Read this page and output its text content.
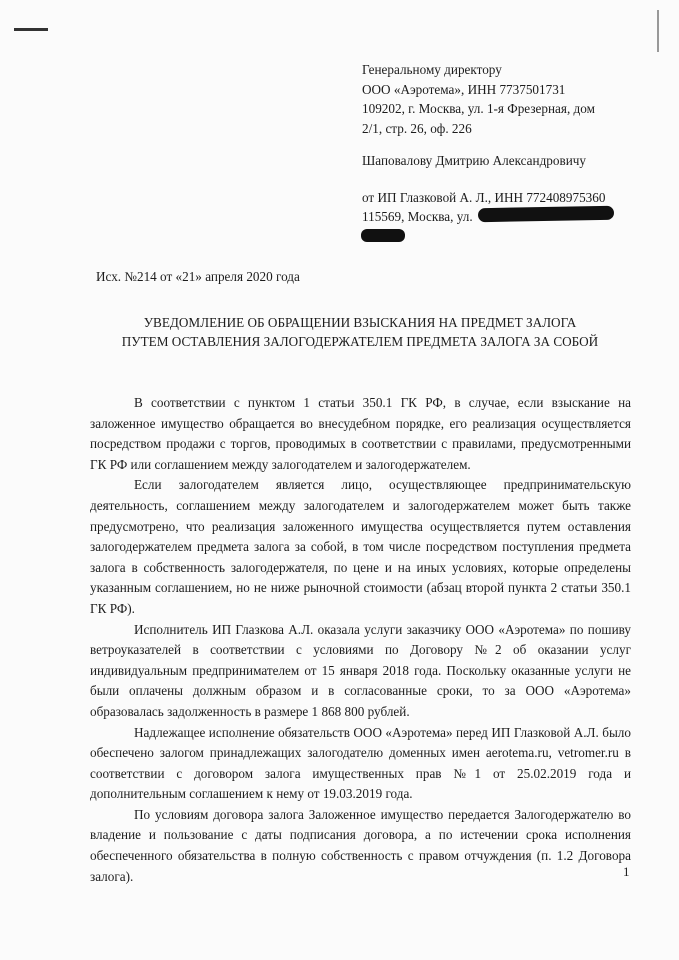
Генеральному директору
ООО «Аэротема», ИНН 7737501731
109202, г. Москва, ул. 1-я Фрезерная, дом
2/1, стр. 26, оф. 226
Шаповалову Дмитрию Александровичу
от ИП Глазковой А. Л., ИНН 772408975360
115569, Москва, ул.
Исх. №214 от «21» апреля 2020 года
УВЕДОМЛЕНИЕ ОБ ОБРАЩЕНИИ ВЗЫСКАНИЯ НА ПРЕДМЕТ ЗАЛОГА
ПУТЕМ ОСТАВЛЕНИЯ ЗАЛОГОДЕРЖАТЕЛЕМ ПРЕДМЕТА ЗАЛОГА ЗА СОБОЙ

В соответствии с пунктом 1 статьи 350.1 ГК РФ, в случае, если взыскание на заложенное имущество обращается во внесудебном порядке, его реализация осуществляется посредством продажи с торгов, проводимых в соответствии с правилами, предусмотренными ГК РФ или соглашением между залогодателем и залогодержателем.

Если залогодателем является лицо, осуществляющее предпринимательскую деятельность, соглашением между залогодателем и залогодержателем может быть также предусмотрено, что реализация заложенного имущества осуществляется путем оставления залогодержателем предмета залога за собой, в том числе посредством поступления предмета залога в собственность залогодержателя, по цене и на иных условиях, которые определены указанным соглашением, но не ниже рыночной стоимости (абзац второй пункта 2 статьи 350.1 ГК РФ).

Исполнитель ИП Глазкова А.Л. оказала услуги заказчику ООО «Аэротема» по пошиву ветроуказателей в соответствии с условиями по Договору №2 об оказании услуг индивидуальным предпринимателем от 15 января 2018 года. Поскольку оказанные услуги не были оплачены должным образом и в согласованные сроки, то за ООО «Аэротема» образовалась задолженность в размере 1 868 800 рублей.

Надлежащее исполнение обязательств ООО «Аэротема» перед ИП Глазковой А.Л. было обеспечено залогом принадлежащих залогодателю доменных имен aerotema.ru, vetromer.ru в соответствии с договором залога имущественных прав №1 от 25.02.2019 года и дополнительным соглашением к нему от 19.03.2019 года.

По условиям договора залога Заложенное имущество передается Залогодержателю во владение и пользование с даты подписания договора, а по истечении срока исполнения обеспеченного обязательства в полную собственность с правом отчуждения (п. 1.2 Договора залога).	1
